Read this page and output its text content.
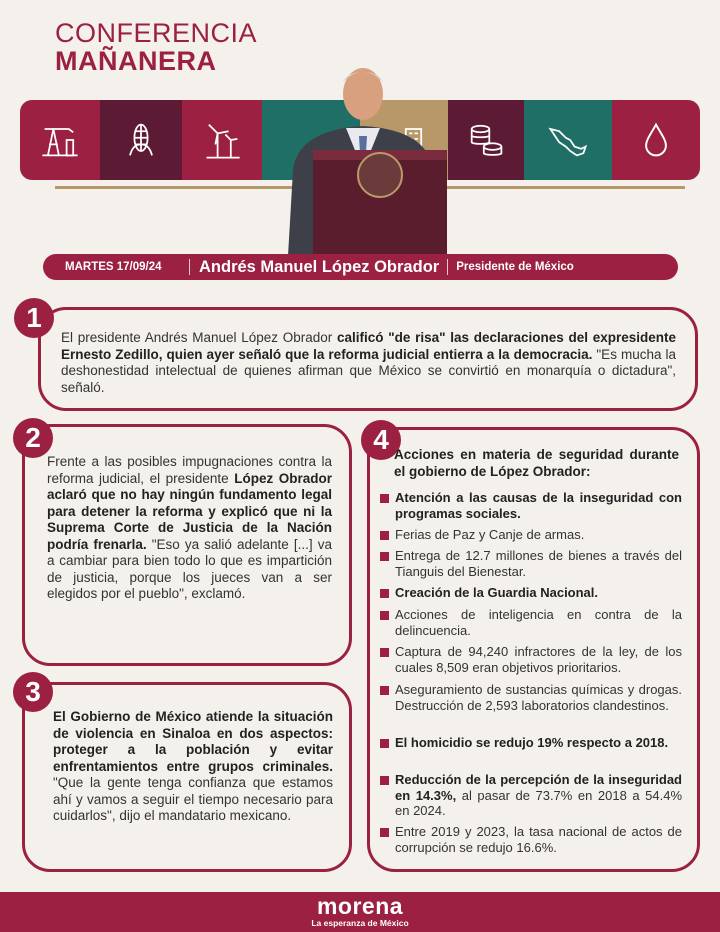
CONFERENCIA
MAÑANERA
MARTES 17/09/24	Andrés Manuel López Obrador Presidente de México
1
El presidente Andrés Manuel López Obrador calificó "de risa" las declaraciones del expresidente Ernesto Zedillo, quien ayer señaló que la reforma judicial entierra a la democracia. "Es mucha la deshonestidad intelectual de quienes afirman que México se convirtió en monarquía o dictadura", señaló.
2
Frente a las posibles impugnaciones contra la reforma judicial, el presidente López Obrador aclaró que no hay ningún fundamento legal para detener la reforma y explicó que ni la Suprema Corte de Justicia de la Nación podría frenarla. "Eso ya salió adelante [...] va a cambiar para bien todo lo que es impartición de justicia, porque los jueces van a ser elegidos por el pueblo", exclamó.
3
El Gobierno de México atiende la situación de violencia en Sinaloa en dos aspectos: proteger a la población y evitar enfrentamientos entre grupos criminales. "Que la gente tenga confianza que estamos ahí y vamos a seguir el tiempo necesario para cuidarlos", dijo el mandatario mexicano.
4 Acciones en materia de seguridad durante el gobierno de López Obrador:
Atención a las causas de la inseguridad con programas sociales.
Ferias de Paz y Canje de armas.
Entrega de 12.7 millones de bienes a través del Tianguis del Bienestar.
Creación de la Guardia Nacional.
Acciones de inteligencia en contra de la delincuencia.
Captura de 94,240 infractores de la ley, de los cuales 8,509 eran objetivos prioritarios.
Aseguramiento de sustancias químicas y drogas. Destrucción de 2,593 laboratorios clandestinos.
El homicidio se redujo 19% respecto a 2018.
Reducción de la percepción de la inseguridad en 14.3%, al pasar de 73.7% en 2018 a 54.4% en 2024.
Entre 2019 y 2023, la tasa nacional de actos de corrupción se redujo 16.6%.
morena
La esperanza de México
